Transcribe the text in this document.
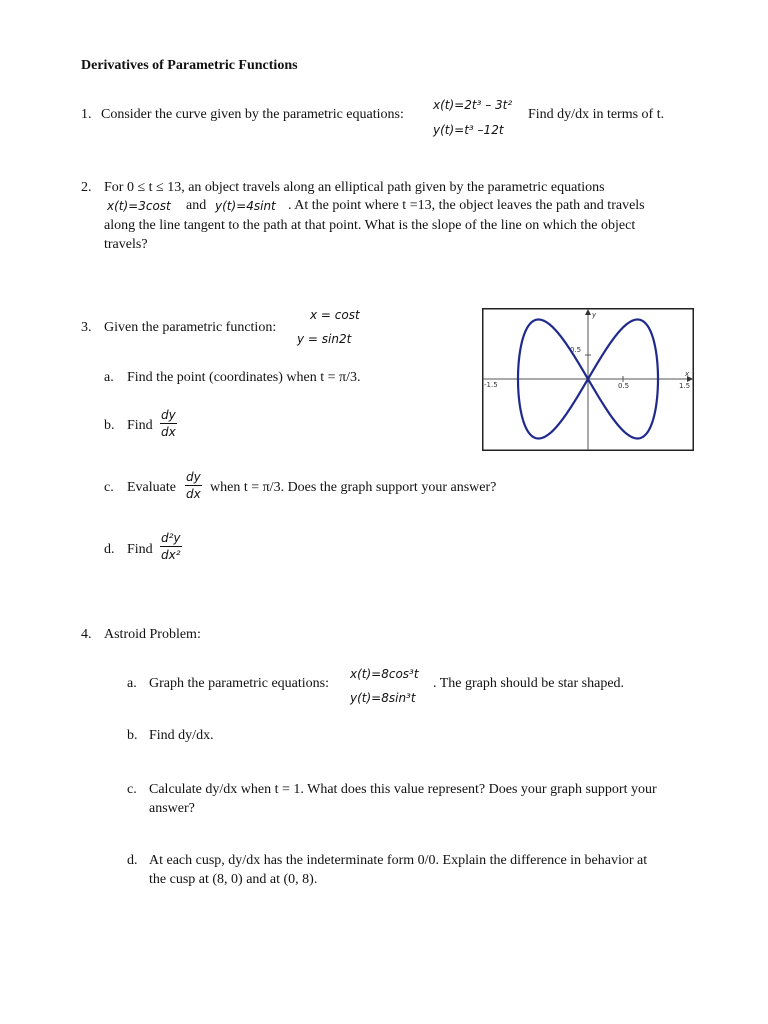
Derivatives of Parametric Functions
1. Consider the curve given by the parametric equations:
x(t)=2t³ – 3t²
y(t)=t³ –12t
Find dy/dx in terms of t.
2. For 0 ≤ t ≤ 13, an object travels along an elliptical path given by the parametric equations
x(t)=3cost and y(t)=4sint . At the point where t =13, the object leaves the path and travels
along the line tangent to the path at that point. What is the slope of the line on which the object
travels?
3. Given the parametric function:
x = cost
y = sin2t
a. Find the point (coordinates) when t = π/3.
b. Find $\frac{dy}{dx}$
c. Evaluate $\frac{dy}{dx}$ when t = π/3. Does the graph support your answer?
d. Find $\frac{\text{d²y}}{\text{dx²}}$
y
x
-1.5	0.5	1.5
0.5
4. Astroid Problem:
a. Graph the parametric equations:
x(t)=8cos³t
y(t)=8sin³t
. The graph should be star shaped.
b. Find dy/dx.
c. Calculate dy/dx when t = 1. What does this value represent? Does your graph support your
answer?
d. At each cusp, dy/dx has the indeterminate form 0/0. Explain the difference in behavior at
the cusp at (8, 0) and at (0, 8).
